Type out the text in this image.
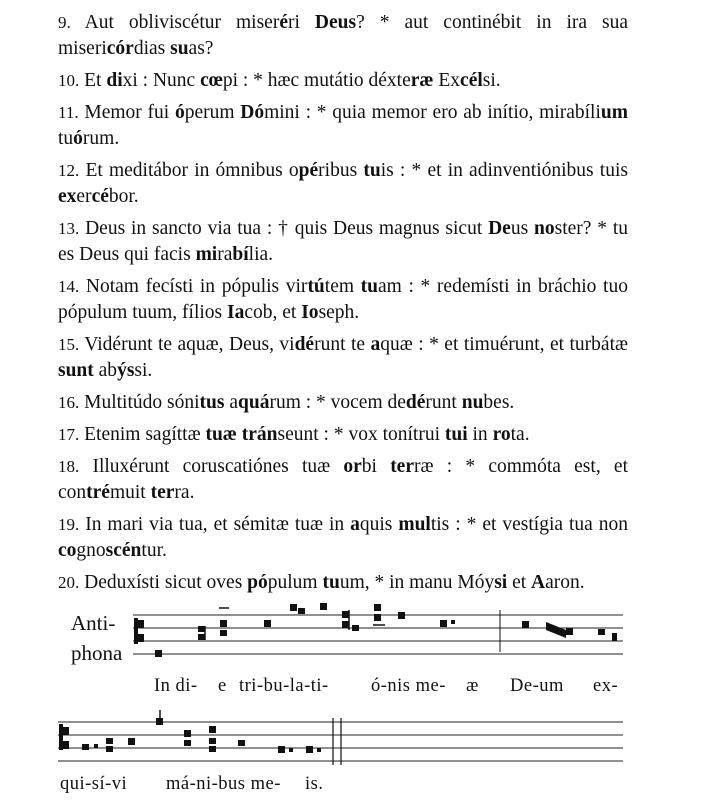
9. Aut obliviscétur miseréri Deus? * aut continébit in ira sua misericórdias suas?
10. Et dixi : Nunc cœpi : * hæc mutátio déxteræ Excélsi.
11. Memor fui óperum Dómini : * quia memor ero ab inítio, mirabílium tuórum.
12. Et meditábor in ómnibus opéribus tuis : * et in adinventiónibus tuis exercébor.
13. Deus in sancto via tua : † quis Deus magnus sicut Deus noster? * tu es Deus qui facis mirabília.
14. Notam fecísti in pópulis virtútem tuam : * redemísti in bráchio tuo pópulum tuum, fílios Iacob, et Ioseph.
15. Vidérunt te aquæ, Deus, vidérunt te aquæ : * et timuérunt, et turbátæ sunt abýssi.
16. Multitúdo sónitus aquárum : * vocem dedérunt nubes.
17. Etenim sagíttæ tuæ tránseunt : * vox tonítrui tui in rota.
18. Illuxérunt coruscatiónes tuæ orbi terræ : * commóta est, et contrémuit terra.
19. In mari via tua, et sémitæ tuæ in aquis multis : * et vestígia tua non cognoscéntur.
20. Deduxísti sicut oves pópulum tuum, * in manu Móysi et Aaron.
Anti-
phona
In di- e tri-bu-la-ti- ó-nis me- æ De-um ex-
qui-sí-vi má-ni-bus me- is.
